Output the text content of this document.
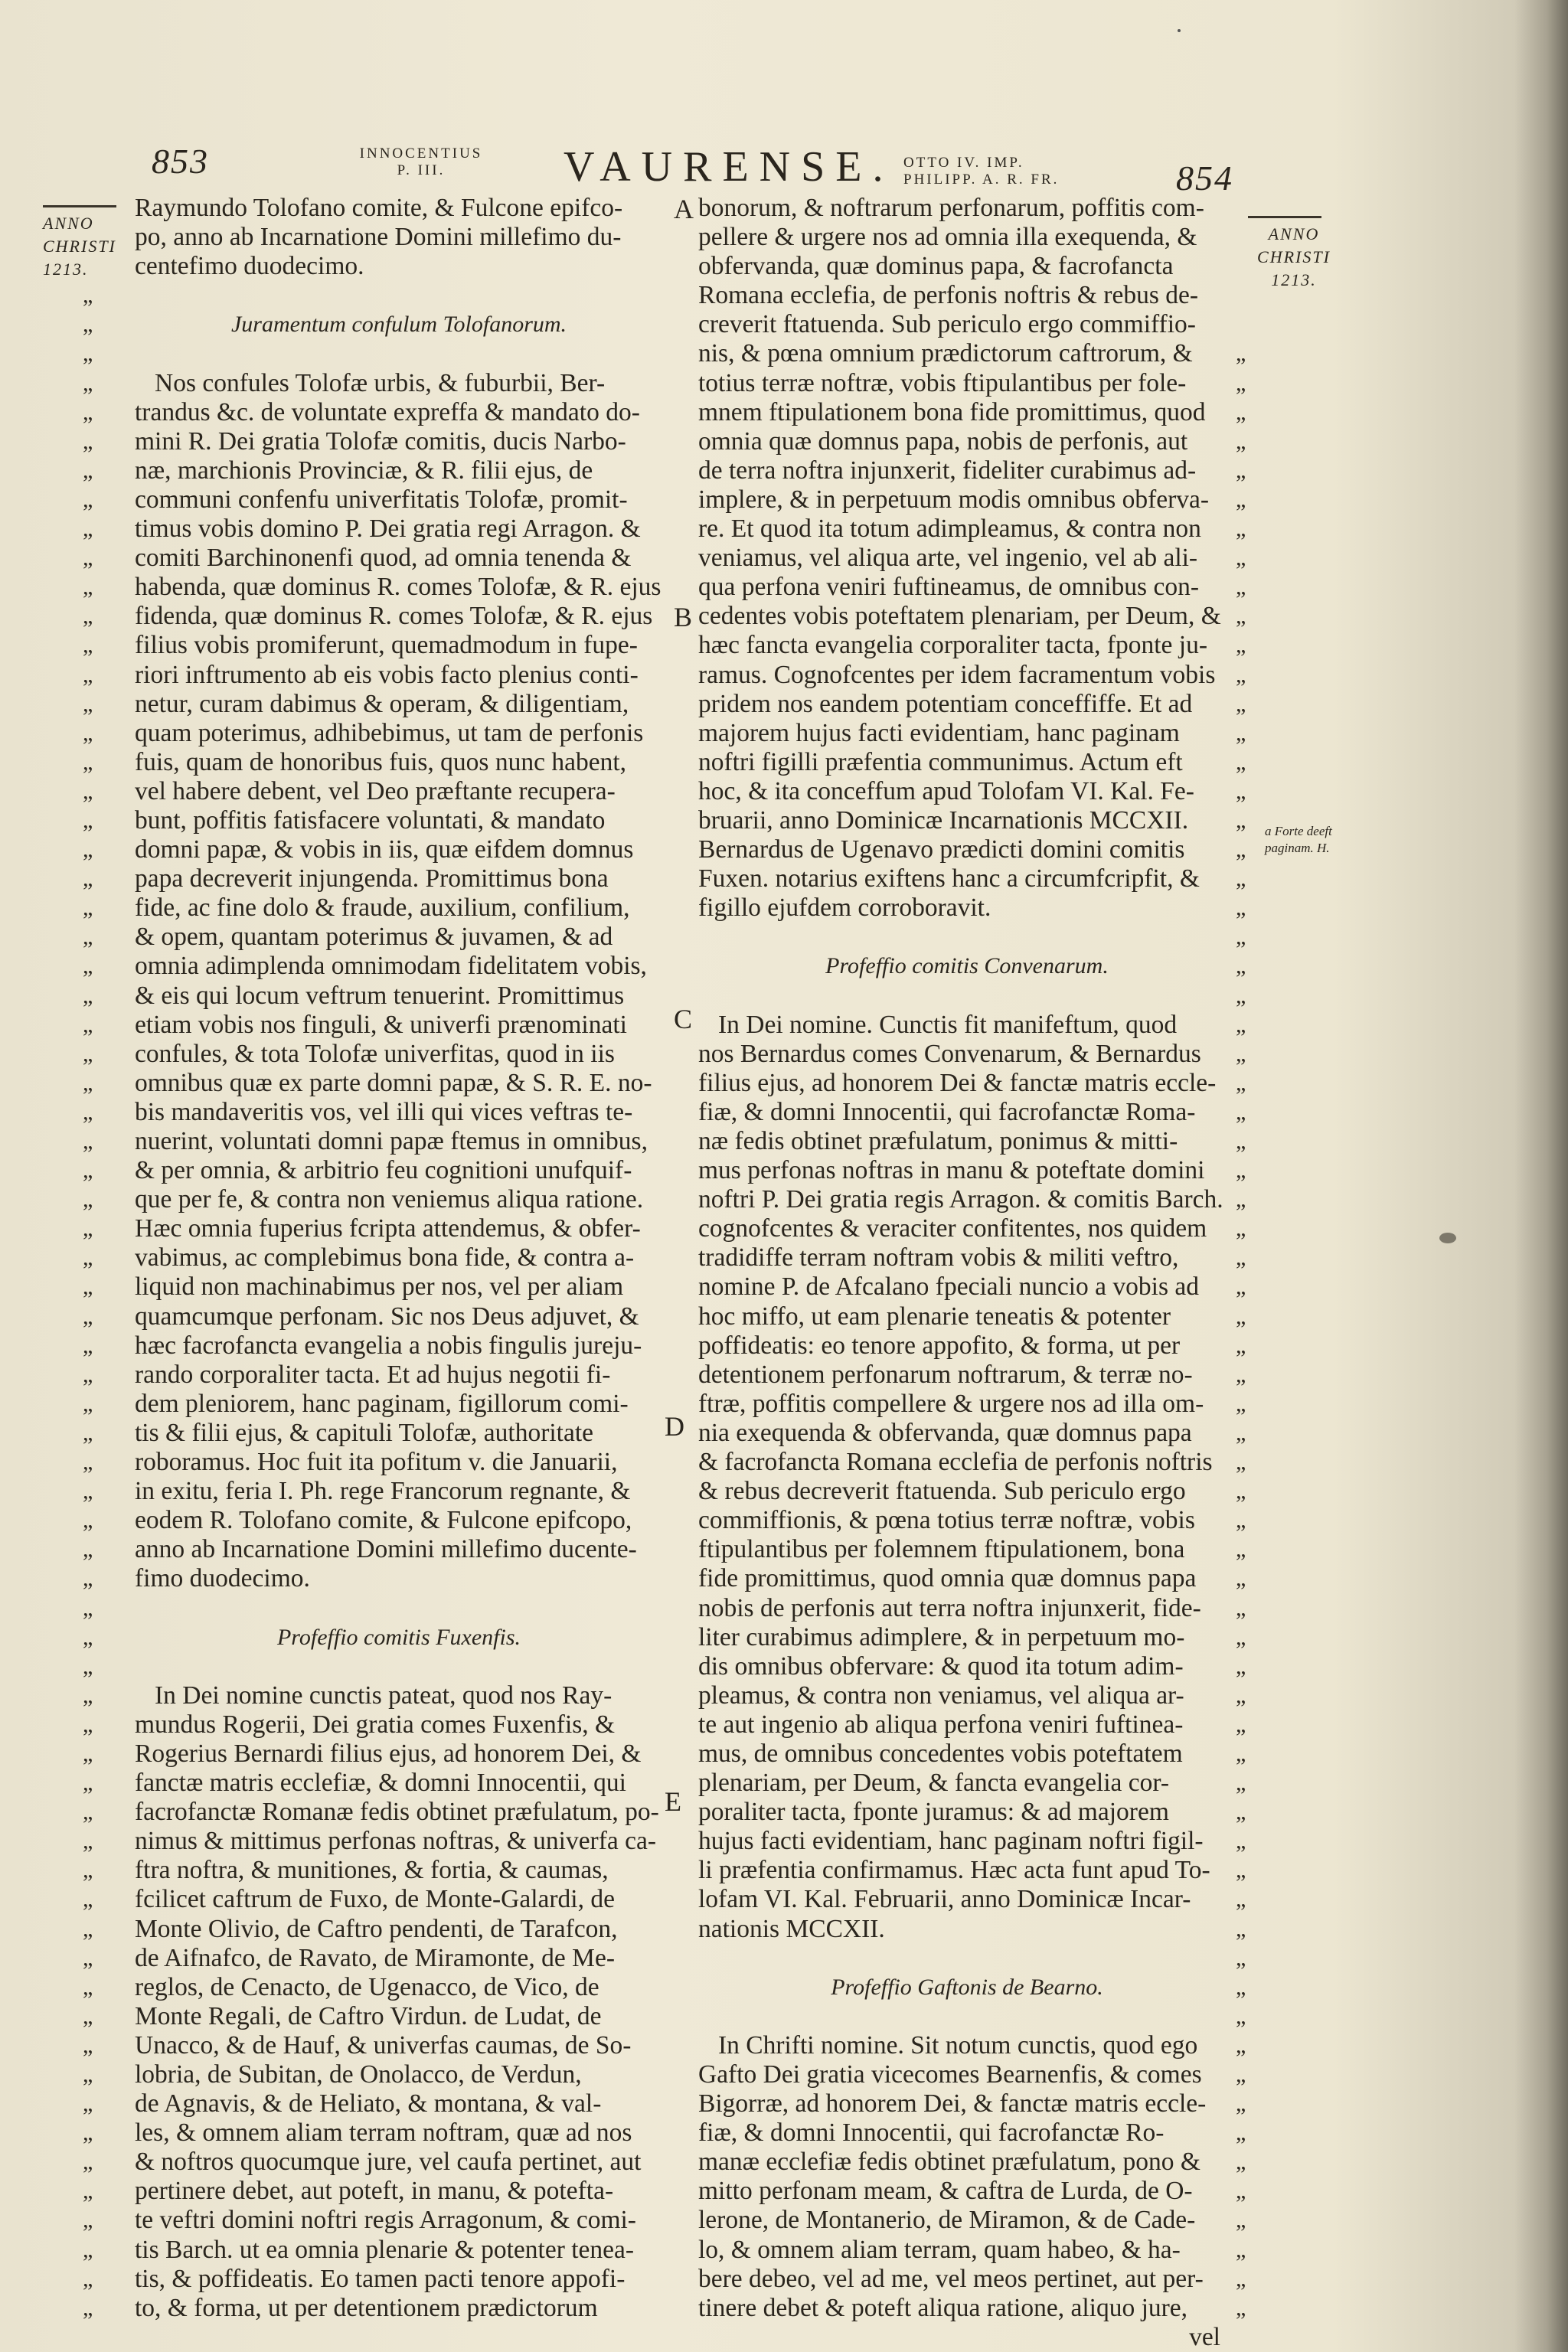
853	INNOCENTIUS
P. III.	VAURENSE. OTTO IV. IMP.
PHILIPP. A. R. FR.	854
ANNO
CHRISTI
1213.
ANNO
CHRISTI
1213.
„
„
„
„
„
„
„
„
„
„
„
„
„
„
„
„
„
„
„
„
„
„
„
„
„
„
„
„
„
„
„
„
„
„
„
„
„
„
„
„
„
„
„
„
„
„
„
„
„
„
„
„
„
„
„
„
„
„
„
„
„
„
„
„
„
„
„
„
„
„
Raymundo Tolofano comite, & Fulcone epifco-
po, anno ab Incarnatione Domini millefimo du-
centefimo duodecimo.
Juramentum confulum Tolofanorum.
Nos confules Tolofæ urbis, & fuburbii, Ber-
trandus &c. de voluntate expreffa & mandato do-
mini R. Dei gratia Tolofæ comitis, ducis Narbo-
næ, marchionis Provinciæ, & R. filii ejus, de
communi confenfu univerfitatis Tolofæ, promit-
timus vobis domino P. Dei gratia regi Arragon. &
comiti Barchinonenfi quod, ad omnia tenenda &
habenda, quæ dominus R. comes Tolofæ, & R. ejus
fidenda, quæ dominus R. comes Tolofæ, & R. ejus
filius vobis promiferunt, quemadmodum in fupe-
riori inftrumento ab eis vobis facto plenius conti-
netur, curam dabimus & operam, & diligentiam,
quam poterimus, adhibebimus, ut tam de perfonis
fuis, quam de honoribus fuis, quos nunc habent,
vel habere debent, vel Deo præftante recupera-
bunt, poffitis fatisfacere voluntati, & mandato
domni papæ, & vobis in iis, quæ eifdem domnus
papa decreverit injungenda. Promittimus bona
fide, ac fine dolo & fraude, auxilium, confilium,
& opem, quantam poterimus & juvamen, & ad
omnia adimplenda omnimodam fidelitatem vobis,
& eis qui locum veftrum tenuerint. Promittimus
etiam vobis nos finguli, & univerfi prænominati
confules, & tota Tolofæ univerfitas, quod in iis
omnibus quæ ex parte domni papæ, & S. R. E. no-
bis mandaveritis vos, vel illi qui vices veftras te-
nuerint, voluntati domni papæ ftemus in omnibus,
& per omnia, & arbitrio feu cognitioni unufquif-
que per fe, & contra non veniemus aliqua ratione.
Hæc omnia fuperius fcripta attendemus, & obfer-
vabimus, ac complebimus bona fide, & contra a-
liquid non machinabimus per nos, vel per aliam
quamcumque perfonam. Sic nos Deus adjuvet, &
hæc facrofancta evangelia a nobis fingulis jureju-
rando corporaliter tacta. Et ad hujus negotii fi-
dem pleniorem, hanc paginam, figillorum comi-
tis & filii ejus, & capituli Tolofæ, authoritate
roboramus. Hoc fuit ita pofitum v. die Januarii,
in exitu, feria I. Ph. rege Francorum regnante, &
eodem R. Tolofano comite, & Fulcone epifcopo,
anno ab Incarnatione Domini millefimo ducente-
fimo duodecimo.
Profeffio comitis Fuxenfis.
In Dei nomine cunctis pateat, quod nos Ray-
mundus Rogerii, Dei gratia comes Fuxenfis, &
Rogerius Bernardi filius ejus, ad honorem Dei, &
fanctæ matris ecclefiæ, & domni Innocentii, qui
facrofanctæ Romanæ fedis obtinet præfulatum, po-
nimus & mittimus perfonas noftras, & univerfa ca-
ftra noftra, & munitiones, & fortia, & caumas,
fcilicet caftrum de Fuxo, de Monte-Galardi, de
Monte Olivio, de Caftro pendenti, de Tarafcon,
de Aifnafco, de Ravato, de Miramonte, de Me-
reglos, de Cenacto, de Ugenacco, de Vico, de
Monte Regali, de Caftro Virdun. de Ludat, de
Unacco, & de Hauf, & univerfas caumas, de So-
lobria, de Subitan, de Onolacco, de Verdun,
de Agnavis, & de Heliato, & montana, & val-
les, & omnem aliam terram noftram, quæ ad nos
& noftros quocumque jure, vel caufa pertinet, aut
pertinere debet, aut poteft, in manu, & potefta-
te veftri domini noftri regis Arragonum, & comi-
tis Barch. ut ea omnia plenarie & potenter tenea-
tis, & poffideatis. Eo tamen pacti tenore appofi-
to, & forma, ut per detentionem prædictorum
bonorum, & noftrarum perfonarum, poffitis com-
pellere & urgere nos ad omnia illa exequenda, &
obfervanda, quæ dominus papa, & facrofancta
Romana ecclefia, de perfonis noftris & rebus de-
creverit ftatuenda. Sub periculo ergo commiffio-
nis, & pœna omnium prædictorum caftrorum, &
totius terræ noftræ, vobis ftipulantibus per fole-
mnem ftipulationem bona fide promittimus, quod
omnia quæ domnus papa, nobis de perfonis, aut
de terra noftra injunxerit, fideliter curabimus ad-
implere, & in perpetuum modis omnibus obferva-
re. Et quod ita totum adimpleamus, & contra non
veniamus, vel aliqua arte, vel ingenio, vel ab ali-
qua perfona veniri fuftineamus, de omnibus con-
cedentes vobis poteftatem plenariam, per Deum, &
hæc fancta evangelia corporaliter tacta, fponte ju-
ramus. Cognofcentes per idem facramentum vobis
pridem nos eandem potentiam conceffiffe. Et ad
majorem hujus facti evidentiam, hanc paginam
noftri figilli præfentia communimus. Actum eft
hoc, & ita conceffum apud Tolofam VI. Kal. Fe-
bruarii, anno Dominicæ Incarnationis MCCXII.
Bernardus de Ugenavo prædicti domini comitis
Fuxen. notarius exiftens hanc a circumfcripfit, &
figillo ejufdem corroboravit.
Profeffio comitis Convenarum.
In Dei nomine. Cunctis fit manifeftum, quod
nos Bernardus comes Convenarum, & Bernardus
filius ejus, ad honorem Dei & fanctæ matris eccle-
fiæ, & domni Innocentii, qui facrofanctæ Roma-
næ fedis obtinet præfulatum, ponimus & mitti-
mus perfonas noftras in manu & poteftate domini
noftri P. Dei gratia regis Arragon. & comitis Barch.
cognofcentes & veraciter confitentes, nos quidem
tradidiffe terram noftram vobis & militi veftro,
nomine P. de Afcalano fpeciali nuncio a vobis ad
hoc miffo, ut eam plenarie teneatis & potenter
poffideatis: eo tenore appofito, & forma, ut per
detentionem perfonarum noftrarum, & terræ no-
ftræ, poffitis compellere & urgere nos ad illa om-
nia exequenda & obfervanda, quæ domnus papa
& facrofancta Romana ecclefia de perfonis noftris
& rebus decreverit ftatuenda. Sub periculo ergo
commiffionis, & pœna totius terræ noftræ, vobis
ftipulantibus per folemnem ftipulationem, bona
fide promittimus, quod omnia quæ domnus papa
nobis de perfonis aut terra noftra injunxerit, fide-
liter curabimus adimplere, & in perpetuum mo-
dis omnibus obfervare: & quod ita totum adim-
pleamus, & contra non veniamus, vel aliqua ar-
te aut ingenio ab aliqua perfona veniri fuftinea-
mus, de omnibus concedentes vobis poteftatem
plenariam, per Deum, & fancta evangelia cor-
poraliter tacta, fponte juramus: & ad majorem
hujus facti evidentiam, hanc paginam noftri figil-
li præfentia confirmamus. Hæc acta funt apud To-
lofam VI. Kal. Februarii, anno Dominicæ Incar-
nationis MCCXII.
Profeffio Gaftonis de Bearno.
In Chrifti nomine. Sit notum cunctis, quod ego
Gafto Dei gratia vicecomes Bearnenfis, & comes
Bigorræ, ad honorem Dei, & fanctæ matris eccle-
fiæ, & domni Innocentii, qui facrofanctæ Ro-
manæ ecclefiæ fedis obtinet præfulatum, pono &
mitto perfonam meam, & caftra de Lurda, de O-
lerone, de Montanerio, de Miramon, & de Cade-
lo, & omnem aliam terram, quam habeo, & ha-
bere debeo, vel ad me, vel meos pertinet, aut per-
tinere debet & poteft aliqua ratione, aliquo jure,
vel
„
„
„
„
„
„
„
„
„
„
„
„
„
„
„
„
„
„
„
„
„
„
„
„
„
„
„
„
„
„
„
„
„
„
„
„
„
„
„
„
„
„
„
„
„
„
„
„
„
„
„
„
„
„
„
„
„
„
„
„
„
„
„
„
„
„
„
„
A
B
C
D
E
a Forte deeft paginam. H.
